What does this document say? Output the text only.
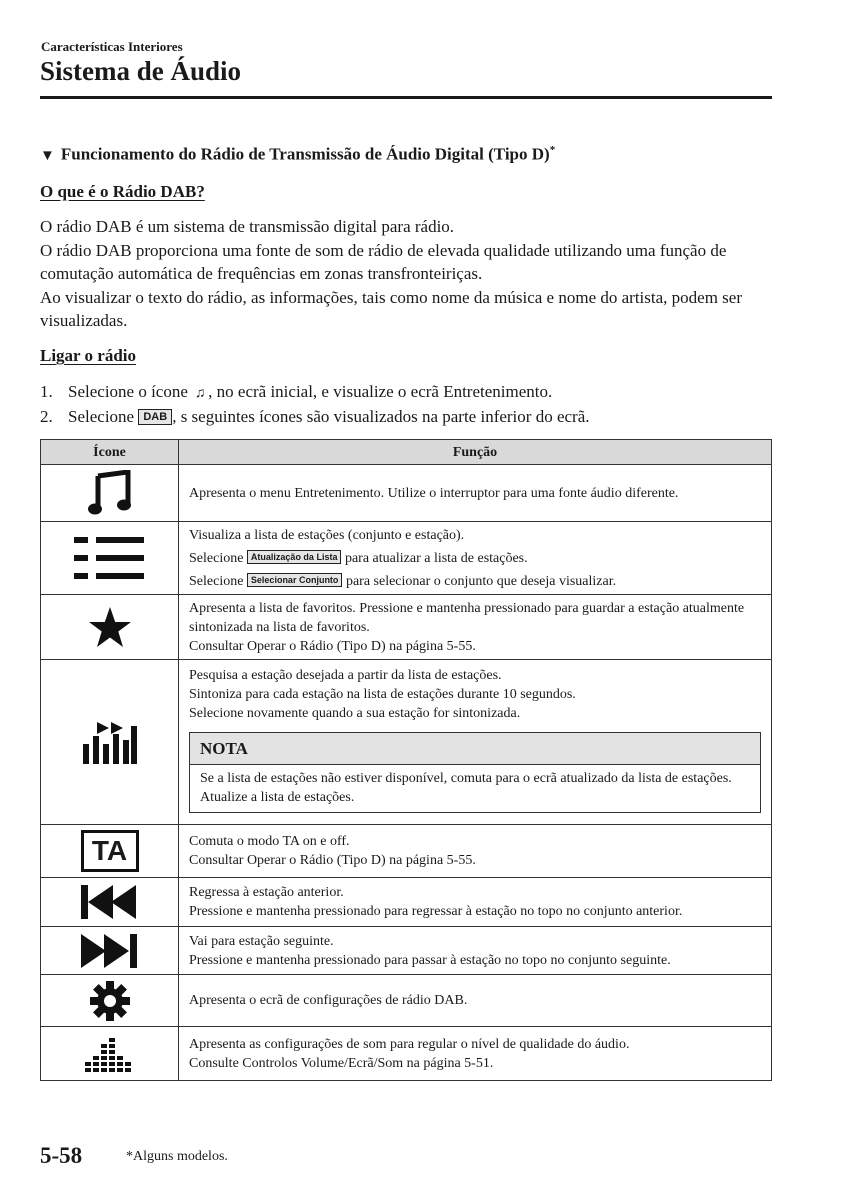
Características Interiores
Sistema de Áudio
▼ Funcionamento do Rádio de Transmissão de Áudio Digital (Tipo D)*
O que é o Rádio DAB?

O rádio DAB é um sistema de transmissão digital para rádio.

O rádio DAB proporciona uma fonte de som de rádio de elevada qualidade utilizando uma função de comutação automática de frequências em zonas transfronteiriças.

Ao visualizar o texto do rádio, as informações, tais como nome da música e nome do artista, podem ser visualizadas.

Ligar o rádio
1. Selecione o ícone ♫ , no ecrã inicial, e visualize o ecrã Entretenimento.
2. Selecione DAB , s seguintes ícones são visualizados na parte inferior do ecrã.
Ícone	Função

Apresenta o menu Entretenimento. Utilize o interruptor para uma fonte áudio diferente.

Visualiza a lista de estações (conjunto e estação).
Selecione Atualização da Lista para atualizar a lista de estações.
Selecione Selecionar Conjunto para selecionar o conjunto que deseja visualizar.

Apresenta a lista de favoritos. Pressione e mantenha pressionado para guardar a estação atualmente sintonizada na lista de favoritos.
Consultar Operar o Rádio (Tipo D) na página 5-55.

Pesquisa a estação desejada a partir da lista de estações.
Sintoniza para cada estação na lista de estações durante 10 segundos.
Selecione novamente quando a sua estação for sintonizada.
NOTA
Se a lista de estações não estiver disponível, comuta para o ecrã atualizado da lista de estações. Atualize a lista de estações.

TA	Comuta o modo TA on e off.
Consultar Operar o Rádio (Tipo D) na página 5-55.

Regressa à estação anterior.
Pressione e mantenha pressionado para regressar à estação no topo no conjunto anterior.

Vai para estação seguinte.
Pressione e mantenha pressionado para passar à estação no topo no conjunto seguinte.

Apresenta o ecrã de configurações de rádio DAB.

Apresenta as configurações de som para regular o nível de qualidade do áudio.
Consulte Controlos Volume/Ecrã/Som na página 5-51.
5-58	*Alguns modelos.
